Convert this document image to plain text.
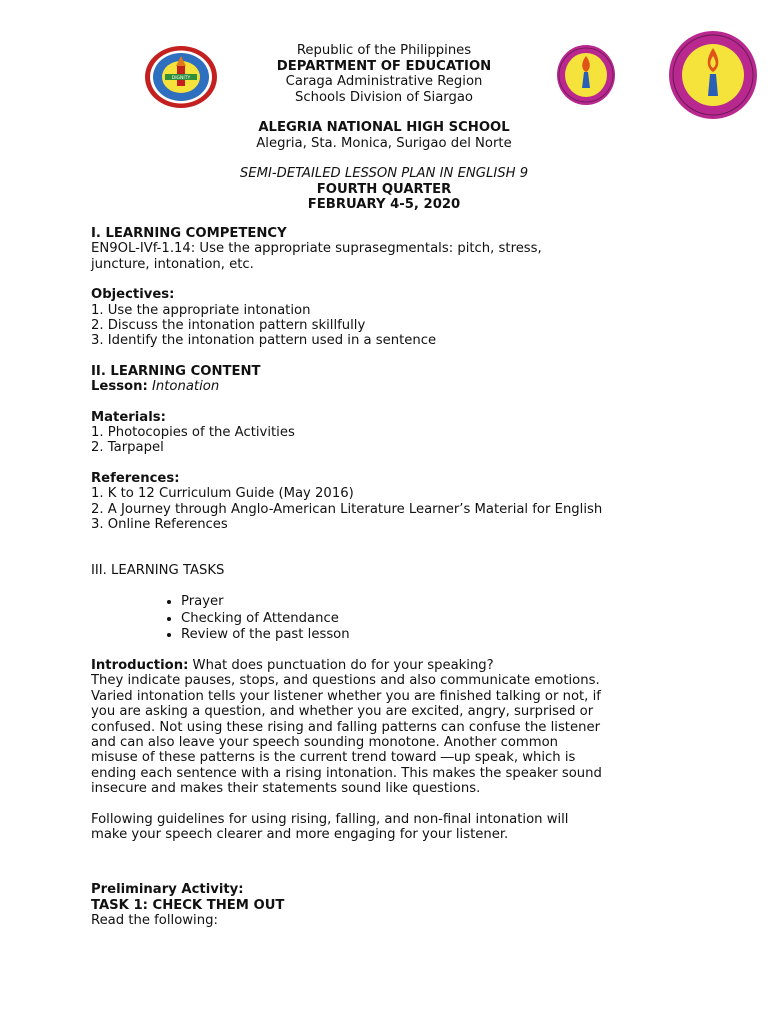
DIGNITY
Republic of the Philippines
DEPARTMENT OF EDUCATION
Caraga Administrative Region
Schools Division of Siargao
ALEGRIA NATIONAL HIGH SCHOOL
Alegria, Sta. Monica, Surigao del Norte
SEMI-DETAILED LESSON PLAN IN ENGLISH 9
FOURTH QUARTER
FEBRUARY 4-5, 2020

I. LEARNING COMPETENCY

EN9OL-IVf-1.14: Use the appropriate suprasegmentals: pitch, stress,

juncture, intonation, etc.

Objectives:

1. Use the appropriate intonation

2. Discuss the intonation pattern skillfully

3. Identify the intonation pattern used in a sentence

II. LEARNING CONTENT

Lesson: Intonation

Materials:

1. Photocopies of the Activities

2. Tarpapel

References:

1. K to 12 Curriculum Guide (May 2016)

2. A Journey through Anglo-American Literature Learner’s Material for English

3. Online References

III. LEARNING TASKS

• Prayer
• Checking of Attendance
• Review of the past lesson

Introduction: What does punctuation do for your speaking?

They indicate pauses, stops, and questions and also communicate emotions.

Varied intonation tells your listener whether you are finished talking or not, if

you are asking a question, and whether you are excited, angry, surprised or

confused. Not using these rising and falling patterns can confuse the listener

and can also leave your speech sounding monotone. Another common

misuse of these patterns is the current trend toward ―up speak, which is

ending each sentence with a rising intonation. This makes the speaker sound

insecure and makes their statements sound like questions.

Following guidelines for using rising, falling, and non-final intonation will

make your speech clearer and more engaging for your listener.

Preliminary Activity:

TASK 1: CHECK THEM OUT

Read the following:
